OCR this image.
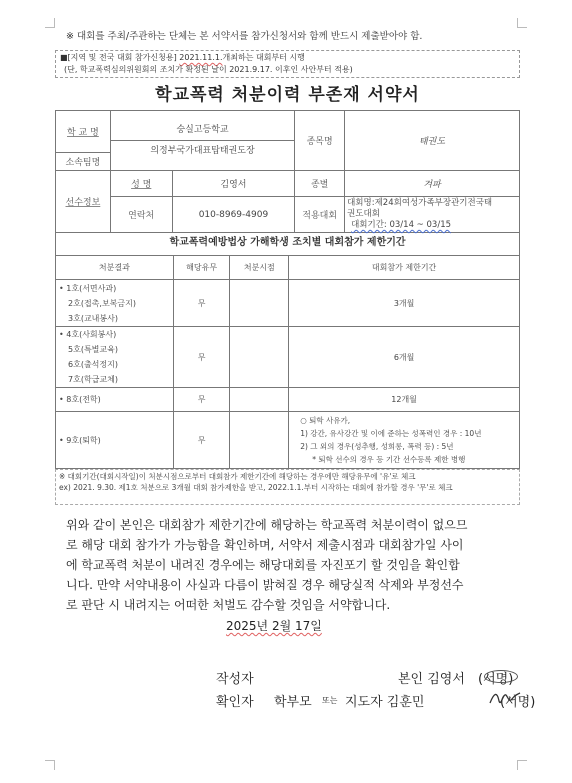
※ 대회를 주최/주관하는 단체는 본 서약서를 참가신청서와 함께 반드시 제출받아야 함.
■[지역 및 전국 대회 참가신청용] 2021.11.1.개최하는 대회부터 시행
(단, 학교폭력심의위원회의 조치가 확정된 날이 2021.9.17. 이후인 사안부터 적용)
학교폭력 처분이력 부존재 서약서
학 교 명	숭실고등학교
의정부국가대표탑태권도장		종목명	태권도
소속팀명				
선수정보	성 명	김영서	종별	겨파
	연락처	010-8969-4909	적용대회	대회명:제24회여성가족부장관기전국태
권도대회
대회기간: 03/14 ~ 03/15
학교폭력예방법상 가해학생 조치별 대회참가 제한기간
처분결과	해당유무	처분시점	대회참가 제한기간

• 1호(서면사과)
2호(접촉,보복금지)
3호(교내봉사)	무		3개월

• 4호(사회봉사)
5호(특별교육)
6호(출석정지)
7호(학급교체)	무		6개월

• 8호(전학)	무		12개월

• 9호(퇴학)	무		○ 퇴학 사유가,
1) 강간, 유사강간 및 이에 준하는 성폭력인 경우 : 10년
2) 그 외의 경우(성추행, 성희롱, 폭력 등) : 5년
* 퇴학 선수의 경우 등 기간 선수등록 제한 병행
※ 대회기간(대회시작일)이 처분시점으로부터 대회참가 제한기간에 해당하는 경우에만 해당유무에 '유'로 체크
ex) 2021. 9.30. 제1호 처분으로 3개월 대회 참가제한을 받고, 2022.1.1.부터 시작하는 대회에 참가할 경우 '무'로 체크
위와 같이 본인은 대회참가 제한기간에 해당하는 학교폭력 처분이력이 없으므
로 해당 대회 참가가 가능함을 확인하며, 서약서 제출시점과 대회참가일 사이
에 학교폭력 처분이 내려진 경우에는 해당대회를 자진포기 할 것임을 확인합
니다. 만약 서약내용이 사실과 다름이 밝혀질 경우 해당실적 삭제와 부정선수
로 판단 시 내려지는 어떠한 처벌도 감수할 것임을 서약합니다.
2025년 2월 17일
작성자	본인 김영서 (서명)
확인자 학부모 또는 지도자 김훈민	(서명)
